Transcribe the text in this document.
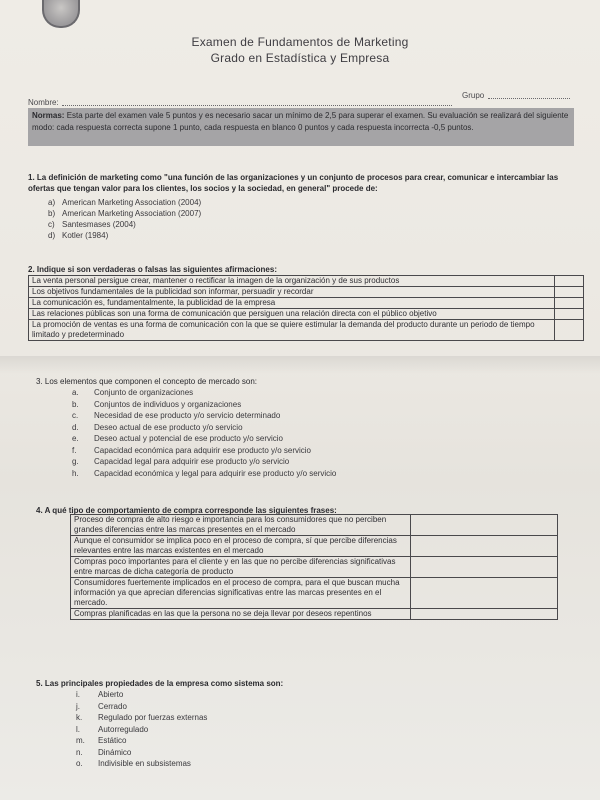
Examen de Fundamentos de Marketing
Grado en Estadística y Empresa
Nombre:
Grupo
Normas: Esta parte del examen vale 5 puntos y es necesario sacar un mínimo de 2,5 para superar el examen. Su evaluación se realizará del siguiente modo: cada respuesta correcta supone 1 punto, cada respuesta en blanco 0 puntos y cada respuesta incorrecta -0,5 puntos.
1. La definición de marketing como "una función de las organizaciones y un conjunto de procesos para crear, comunicar e intercambiar las ofertas que tengan valor para los clientes, los socios y la sociedad, en general" procede de:
a) American Marketing Association (2004)
b) American Marketing Association (2007)
c) Santesmases (2004)
d) Kotler (1984)
2. Indique si son verdaderas o falsas las siguientes afirmaciones:
La venta personal persigue crear, mantener o rectificar la imagen de la organización y de sus productos	
Los objetivos fundamentales de la publicidad son informar, persuadir y recordar	
La comunicación es, fundamentalmente, la publicidad de la empresa	
Las relaciones públicas son una forma de comunicación que persiguen una relación directa con el público objetivo	
La promoción de ventas es una forma de comunicación con la que se quiere estimular la demanda del producto durante un periodo de tiempo limitado y predeterminado	
3. Los elementos que componen el concepto de mercado son:
a. Conjunto de organizaciones
b. Conjuntos de individuos y organizaciones
c. Necesidad de ese producto y/o servicio determinado
d. Deseo actual de ese producto y/o servicio
e. Deseo actual y potencial de ese producto y/o servicio
f. Capacidad económica para adquirir ese producto y/o servicio
g. Capacidad legal para adquirir ese producto y/o servicio
h. Capacidad económica y legal para adquirir ese producto y/o servicio
4. A qué tipo de comportamiento de compra corresponde las siguientes frases:
Proceso de compra de alto riesgo e importancia para los consumidores que no perciben grandes diferencias entre las marcas presentes en el mercado	
Aunque el consumidor se implica poco en el proceso de compra, sí que percibe diferencias relevantes entre las marcas existentes en el mercado	
Compras poco importantes para el cliente y en las que no percibe diferencias significativas entre marcas de dicha categoría de producto	
Consumidores fuertemente implicados en el proceso de compra, para el que buscan mucha información ya que aprecian diferencias significativas entre las marcas presentes en el mercado.	
Compras planificadas en las que la persona no se deja llevar por deseos repentinos	
5. Las principales propiedades de la empresa como sistema son:
i. Abierto
j. Cerrado
k. Regulado por fuerzas externas
l. Autorregulado
m. Estático
n. Dinámico
o. Indivisible en subsistemas
